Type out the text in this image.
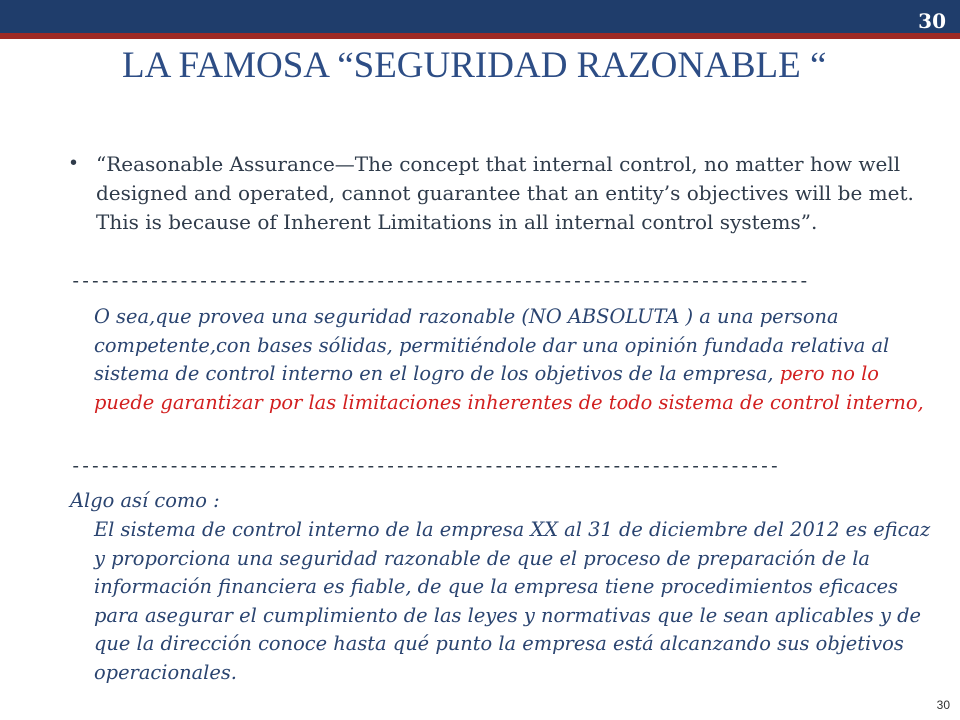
30
LA FAMOSA “SEGURIDAD RAZONABLE “
• “Reasonable Assurance—The concept that internal control, no matter how well designed and operated, cannot guarantee that an entity’s objectives will be met. This is because of Inherent Limitations in all internal control systems”.

---------------------------------------------------------------------------

O sea,que provea una seguridad razonable (NO ABSOLUTA ) a una persona competente,con bases sólidas, permitiéndole dar una opinión fundada relativa al sistema de control interno en el logro de los objetivos de la empresa, pero no lo puede garantizar por las limitaciones inherentes de todo sistema de control interno,

------------------------------------------------------------------------

Algo así como :

El sistema de control interno de la empresa XX al 31 de diciembre del 2012 es eficaz y proporciona una seguridad razonable de que el proceso de preparación de la información financiera es fiable, de que la empresa tiene procedimientos eficaces para asegurar el cumplimiento de las leyes y normativas que le sean aplicables y de que la dirección conoce hasta qué punto la empresa está alcanzando sus objetivos operacionales.

30
